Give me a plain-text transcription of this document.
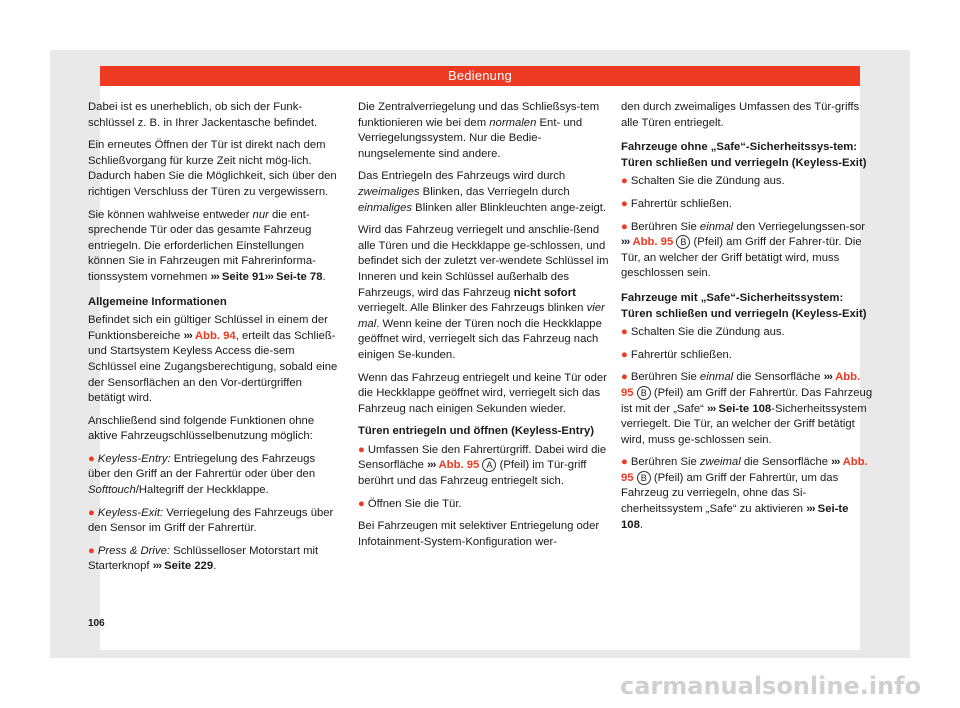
Bedienung

Dabei ist es unerheblich, ob sich der Funk-schlüssel z. B. in Ihrer Jackentasche befindet.

Ein erneutes Öffnen der Tür ist direkt nach dem Schließvorgang für kurze Zeit nicht mög-lich. Dadurch haben Sie die Möglichkeit, sich über den richtigen Verschluss der Türen zu vergewissern.

Sie können wahlweise entweder nur die ent-sprechende Tür oder das gesamte Fahrzeug entriegeln. Die erforderlichen Einstellungen können Sie in Fahrzeugen mit Fahrerinforma-tionssystem vornehmen ››› Seite 91››› Sei-te 78.

Allgemeine Informationen

Befindet sich ein gültiger Schlüssel in einem der Funktionsbereiche ››› Abb. 94, erteilt das Schließ- und Startsystem Keyless Access die-sem Schlüssel eine Zugangsberechtigung, sobald eine der Sensorflächen an den Vor-dertürgriffen betätigt wird.

Anschließend sind folgende Funktionen ohne aktive Fahrzeugschlüsselbenutzung möglich:

● Keyless-Entry: Entriegelung des Fahrzeugs über den Griff an der Fahrertür oder über den Softtouch/Haltegriff der Heckklappe.

● Keyless-Exit: Verriegelung des Fahrzeugs über den Sensor im Griff der Fahrertür.

● Press & Drive: Schlüsselloser Motorstart mit Starterknopf ››› Seite 229.

Die Zentralverriegelung und das Schließsys-tem funktionieren wie bei dem normalen Ent- und Verriegelungssystem. Nur die Bedie-nungselemente sind andere.

Das Entriegeln des Fahrzeugs wird durch zweimaliges Blinken, das Verriegeln durch einmaliges Blinken aller Blinkleuchten ange-zeigt.

Wird das Fahrzeug verriegelt und anschlie-ßend alle Türen und die Heckklappe ge-schlossen, und befindet sich der zuletzt ver-wendete Schlüssel im Inneren und kein Schlüssel außerhalb des Fahrzeugs, wird das Fahrzeug nicht sofort verriegelt. Alle Blinker des Fahrzeugs blinken vier mal. Wenn keine der Türen noch die Heckklappe geöffnet wird, verriegelt sich das Fahrzeug nach einigen Se-kunden.

Wenn das Fahrzeug entriegelt und keine Tür oder die Heckklappe geöffnet wird, verriegelt sich das Fahrzeug nach einigen Sekunden wieder.

Türen entriegeln und öffnen (Keyless-Entry)

● Umfassen Sie den Fahrertürgriff. Dabei wird die Sensorfläche ››› Abb. 95 A (Pfeil) im Tür-griff berührt und das Fahrzeug entriegelt sich.

● Öffnen Sie die Tür.

Bei Fahrzeugen mit selektiver Entriegelung oder Infotainment-System-Konfiguration wer-

den durch zweimaliges Umfassen des Tür-griffs alle Türen entriegelt.

Fahrzeuge ohne „Safe“-Sicherheitssys-tem: Türen schließen und verriegeln (Keyless-Exit)

● Schalten Sie die Zündung aus.

● Fahrertür schließen.

● Berühren Sie einmal den Verriegelungssen-sor ››› Abb. 95 B (Pfeil) am Griff der Fahrer-tür. Die Tür, an welcher der Griff betätigt wird, muss geschlossen sein.

Fahrzeuge mit „Safe“-Sicherheitssystem: Türen schließen und verriegeln (Keyless-Exit)

● Schalten Sie die Zündung aus.

● Fahrertür schließen.

● Berühren Sie einmal die Sensorfläche ››› Abb. 95 B (Pfeil) am Griff der Fahrertür. Das Fahrzeug ist mit der „Safe“ ››› Sei-te 108-Sicherheitssystem verriegelt. Die Tür, an welcher der Griff betätigt wird, muss ge-schlossen sein.

● Berühren Sie zweimal die Sensorfläche ››› Abb. 95 B (Pfeil) am Griff der Fahrertür, um das Fahrzeug zu verriegeln, ohne das Si-cherheitssystem „Safe“ zu aktivieren ››› Sei-te 108.

106
carmanualsonline.info
